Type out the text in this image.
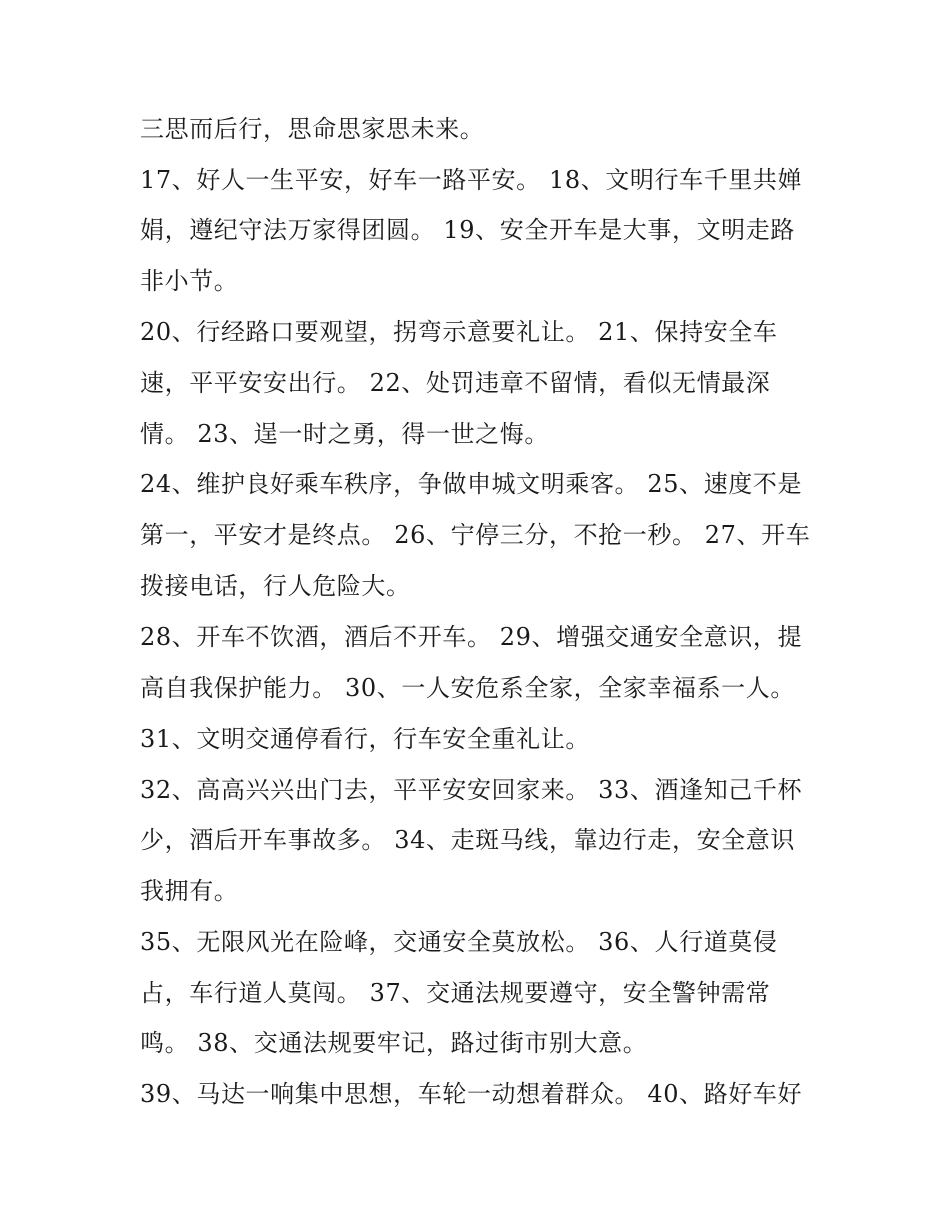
三思而后行，思命思家思未来。
17、好人一生平安，好车一路平安。 18、文明行车千里共婵
娟，遵纪守法万家得团圆。 19、安全开车是大事，文明走路
非小节。
20、行经路口要观望，拐弯示意要礼让。 21、保持安全车
速，平平安安出行。 22、处罚违章不留情，看似无情最深
情。 23、逞一时之勇，得一世之悔。
24、维护良好乘车秩序，争做申城文明乘客。 25、速度不是
第一，平安才是终点。 26、宁停三分，不抢一秒。 27、开车
拨接电话，行人危险大。
28、开车不饮酒，酒后不开车。 29、增强交通安全意识，提
高自我保护能力。 30、一人安危系全家，全家幸福系一人。
31、文明交通停看行，行车安全重礼让。
32、高高兴兴出门去，平平安安回家来。 33、酒逢知己千杯
少，酒后开车事故多。 34、走斑马线，靠边行走，安全意识
我拥有。
35、无限风光在险峰，交通安全莫放松。 36、人行道莫侵
占，车行道人莫闯。 37、交通法规要遵守，安全警钟需常
鸣。 38、交通法规要牢记，路过街市别大意。
39、马达一响集中思想，车轮一动想着群众。 40、路好车好
